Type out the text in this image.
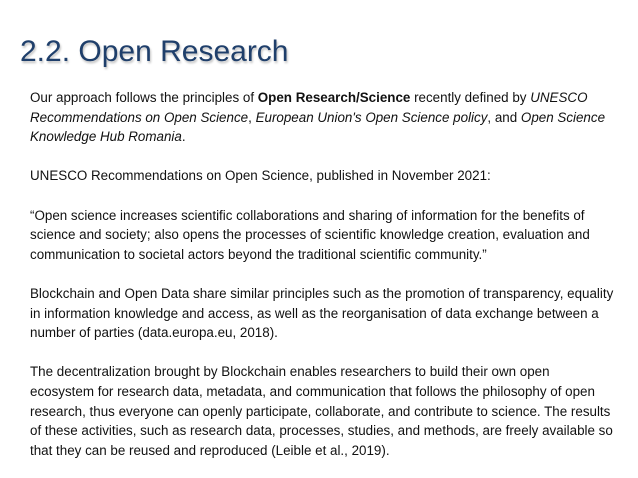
2.2. Open Research

Our approach follows the principles of Open Research/Science recently defined by UNESCO Recommendations on Open Science, European Union's Open Science policy, and Open Science Knowledge Hub Romania.

UNESCO Recommendations on Open Science, published in November 2021:

“Open science increases scientific collaborations and sharing of information for the benefits of science and society; also opens the processes of scientific knowledge creation, evaluation and communication to societal actors beyond the traditional scientific community.”

Blockchain and Open Data share similar principles such as the promotion of transparency, equality in information knowledge and access, as well as the reorganisation of data exchange between a number of parties (data.europa.eu, 2018).

The decentralization brought by Blockchain enables researchers to build their own open ecosystem for research data, metadata, and communication that follows the philosophy of open research, thus everyone can openly participate, collaborate, and contribute to science. The results of these activities, such as research data, processes, studies, and methods, are freely available so that they can be reused and reproduced (Leible et al., 2019).
